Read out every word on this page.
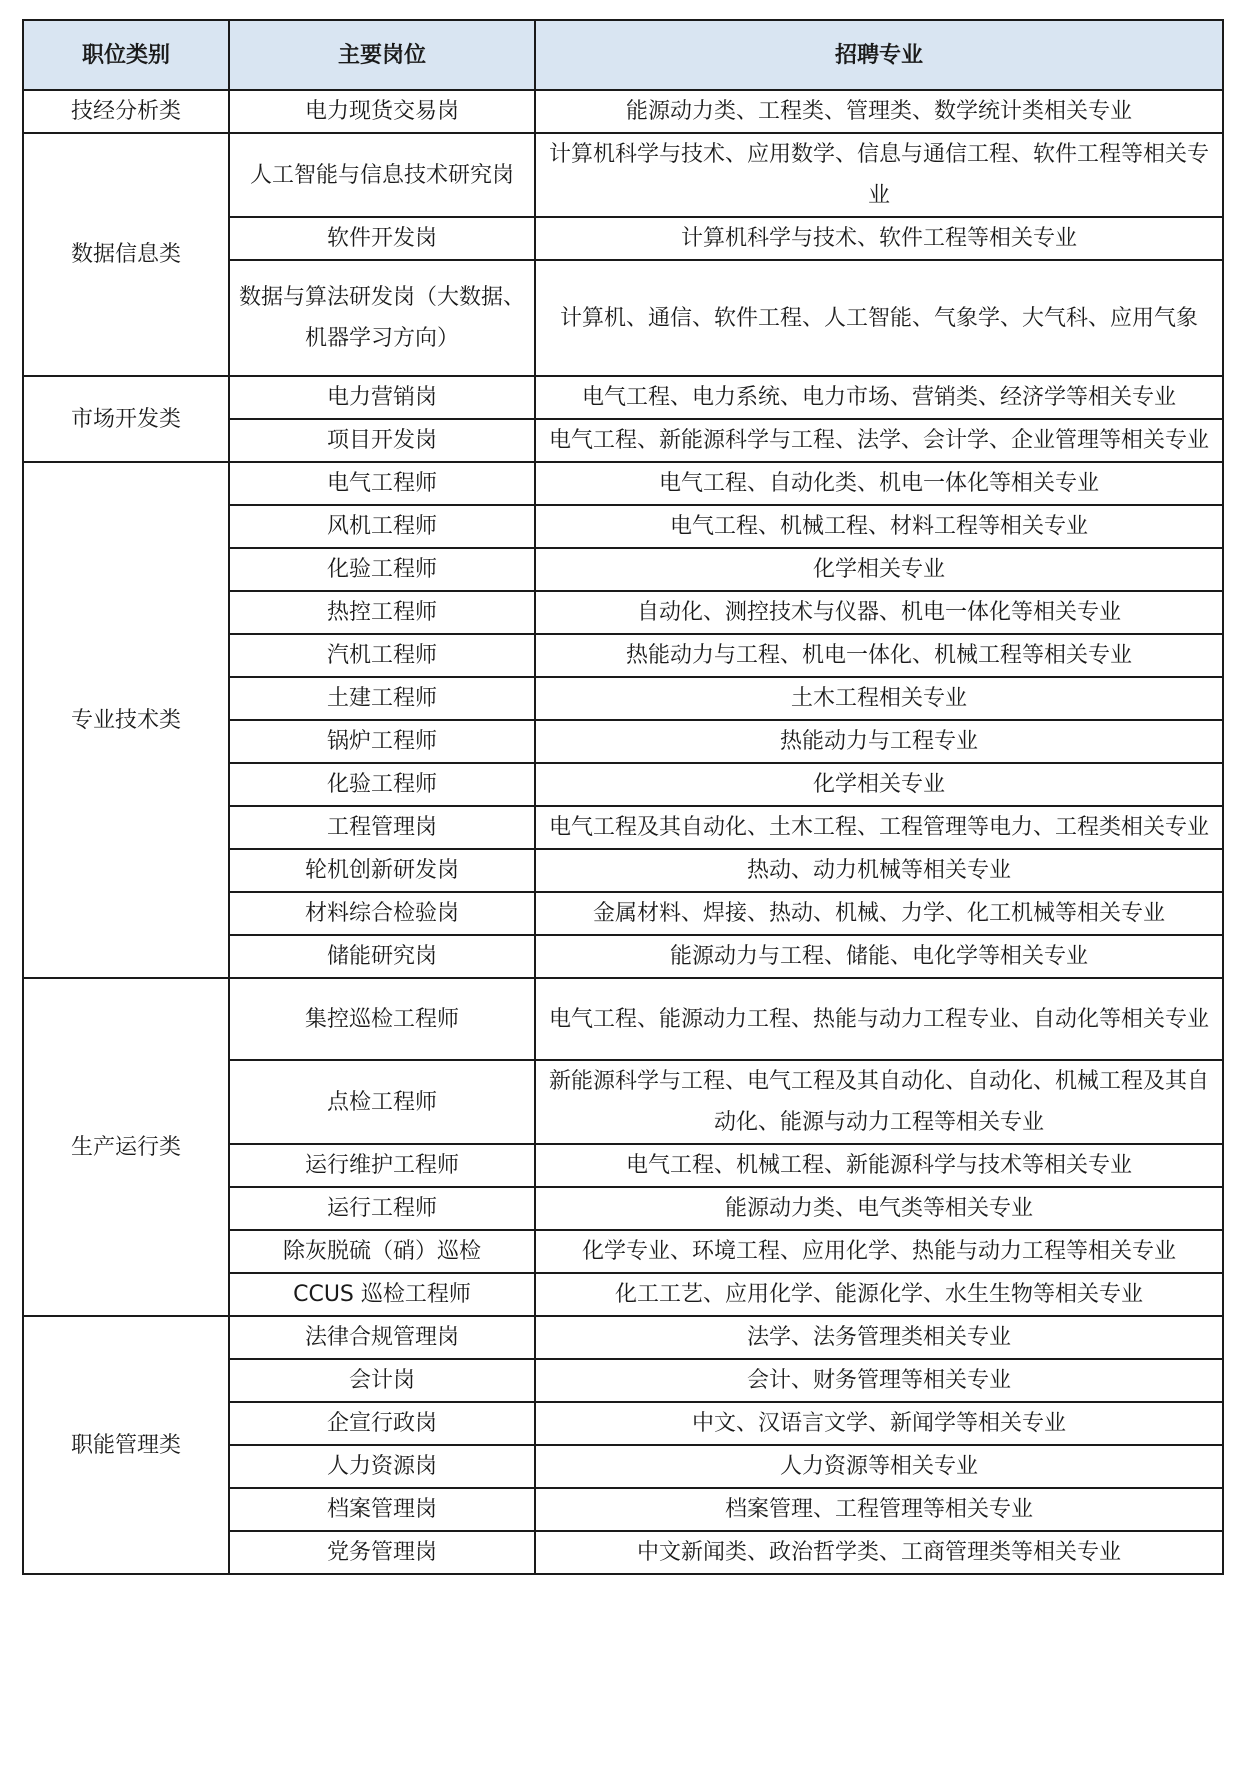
职位类别	主要岗位	招聘专业
技经分析类	电力现货交易岗	能源动力类、工程类、管理类、数学统计类相关专业
数据信息类	人工智能与信息技术研究岗	计算机科学与技术、应用数学、信息与通信工程、软件工程等相关专业
	软件开发岗	计算机科学与技术、软件工程等相关专业
	数据与算法研发岗（大数据、机器学习方向）	计算机、通信、软件工程、人工智能、气象学、大气科、应用气象
市场开发类	电力营销岗	电气工程、电力系统、电力市场、营销类、经济学等相关专业
	项目开发岗	电气工程、新能源科学与工程、法学、会计学、企业管理等相关专业
专业技术类	电气工程师	电气工程、自动化类、机电一体化等相关专业
	风机工程师	电气工程、机械工程、材料工程等相关专业
	化验工程师	化学相关专业
	热控工程师	自动化、测控技术与仪器、机电一体化等相关专业
	汽机工程师	热能动力与工程、机电一体化、机械工程等相关专业
	土建工程师	土木工程相关专业
	锅炉工程师	热能动力与工程专业
	化验工程师	化学相关专业
	工程管理岗	电气工程及其自动化、土木工程、工程管理等电力、工程类相关专业
	轮机创新研发岗	热动、动力机械等相关专业
	材料综合检验岗	金属材料、焊接、热动、机械、力学、化工机械等相关专业
	储能研究岗	能源动力与工程、储能、电化学等相关专业
生产运行类	集控巡检工程师	电气工程、能源动力工程、热能与动力工程专业、自动化等相关专业
	点检工程师	新能源科学与工程、电气工程及其自动化、自动化、机械工程及其自动化、能源与动力工程等相关专业
	运行维护工程师	电气工程、机械工程、新能源科学与技术等相关专业
	运行工程师	能源动力类、电气类等相关专业
	除灰脱硫（硝）巡检	化学专业、环境工程、应用化学、热能与动力工程等相关专业
	CCUS 巡检工程师	化工工艺、应用化学、能源化学、水生生物等相关专业
职能管理类	法律合规管理岗	法学、法务管理类相关专业
	会计岗	会计、财务管理等相关专业
	企宣行政岗	中文、汉语言文学、新闻学等相关专业
	人力资源岗	人力资源等相关专业
	档案管理岗	档案管理、工程管理等相关专业
	党务管理岗	中文新闻类、政治哲学类、工商管理类等相关专业
